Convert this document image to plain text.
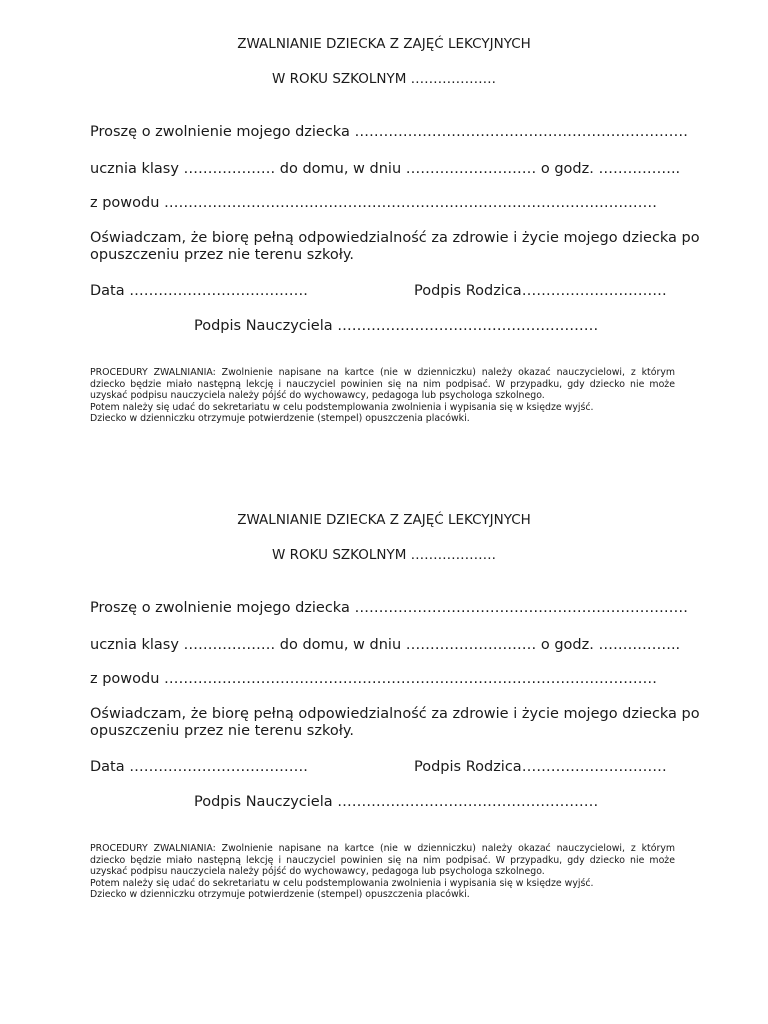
ZWALNIANIE DZIECKA Z ZAJĘĆ LEKCYJNYCH
W ROKU SZKOLNYM ……………….
Proszę o zwolnienie mojego dziecka ……………………………………………………………
ucznia klasy ………………. do domu, w dniu ……………………… o godz. ……………..
z powodu …………………………………………………………………………………………
Oświadczam, że biorę pełną odpowiedzialność za zdrowie i życie mojego dziecka po
opuszczeniu przez nie terenu szkoły.
Data ……………………………….	Podpis Rodzica…………………………
Podpis Nauczyciela ………………………………………………

PROCEDURY ZWALNIANIA: Zwolnienie napisane na kartce (nie w dzienniczku) należy okazać nauczycielowi, z którym dziecko będzie miało następną lekcję i nauczyciel powinien się na nim podpisać. W przypadku, gdy dziecko nie może uzyskać podpisu nauczyciela należy pójść do wychowawcy, pedagoga lub psychologa szkolnego.

Potem należy się udać do sekretariatu w celu podstemplowania zwolnienia i wypisania się w księdze wyjść.

Dziecko w dzienniczku otrzymuje potwierdzenie (stempel) opuszczenia placówki.

ZWALNIANIE DZIECKA Z ZAJĘĆ LEKCYJNYCH
W ROKU SZKOLNYM ……………….
Proszę o zwolnienie mojego dziecka ……………………………………………………………
ucznia klasy ………………. do domu, w dniu ……………………… o godz. ……………..
z powodu …………………………………………………………………………………………
Oświadczam, że biorę pełną odpowiedzialność za zdrowie i życie mojego dziecka po
opuszczeniu przez nie terenu szkoły.
Data ……………………………….	Podpis Rodzica…………………………
Podpis Nauczyciela ………………………………………………

PROCEDURY ZWALNIANIA: Zwolnienie napisane na kartce (nie w dzienniczku) należy okazać nauczycielowi, z którym dziecko będzie miało następną lekcję i nauczyciel powinien się na nim podpisać. W przypadku, gdy dziecko nie może uzyskać podpisu nauczyciela należy pójść do wychowawcy, pedagoga lub psychologa szkolnego.

Potem należy się udać do sekretariatu w celu podstemplowania zwolnienia i wypisania się w księdze wyjść.

Dziecko w dzienniczku otrzymuje potwierdzenie (stempel) opuszczenia placówki.
